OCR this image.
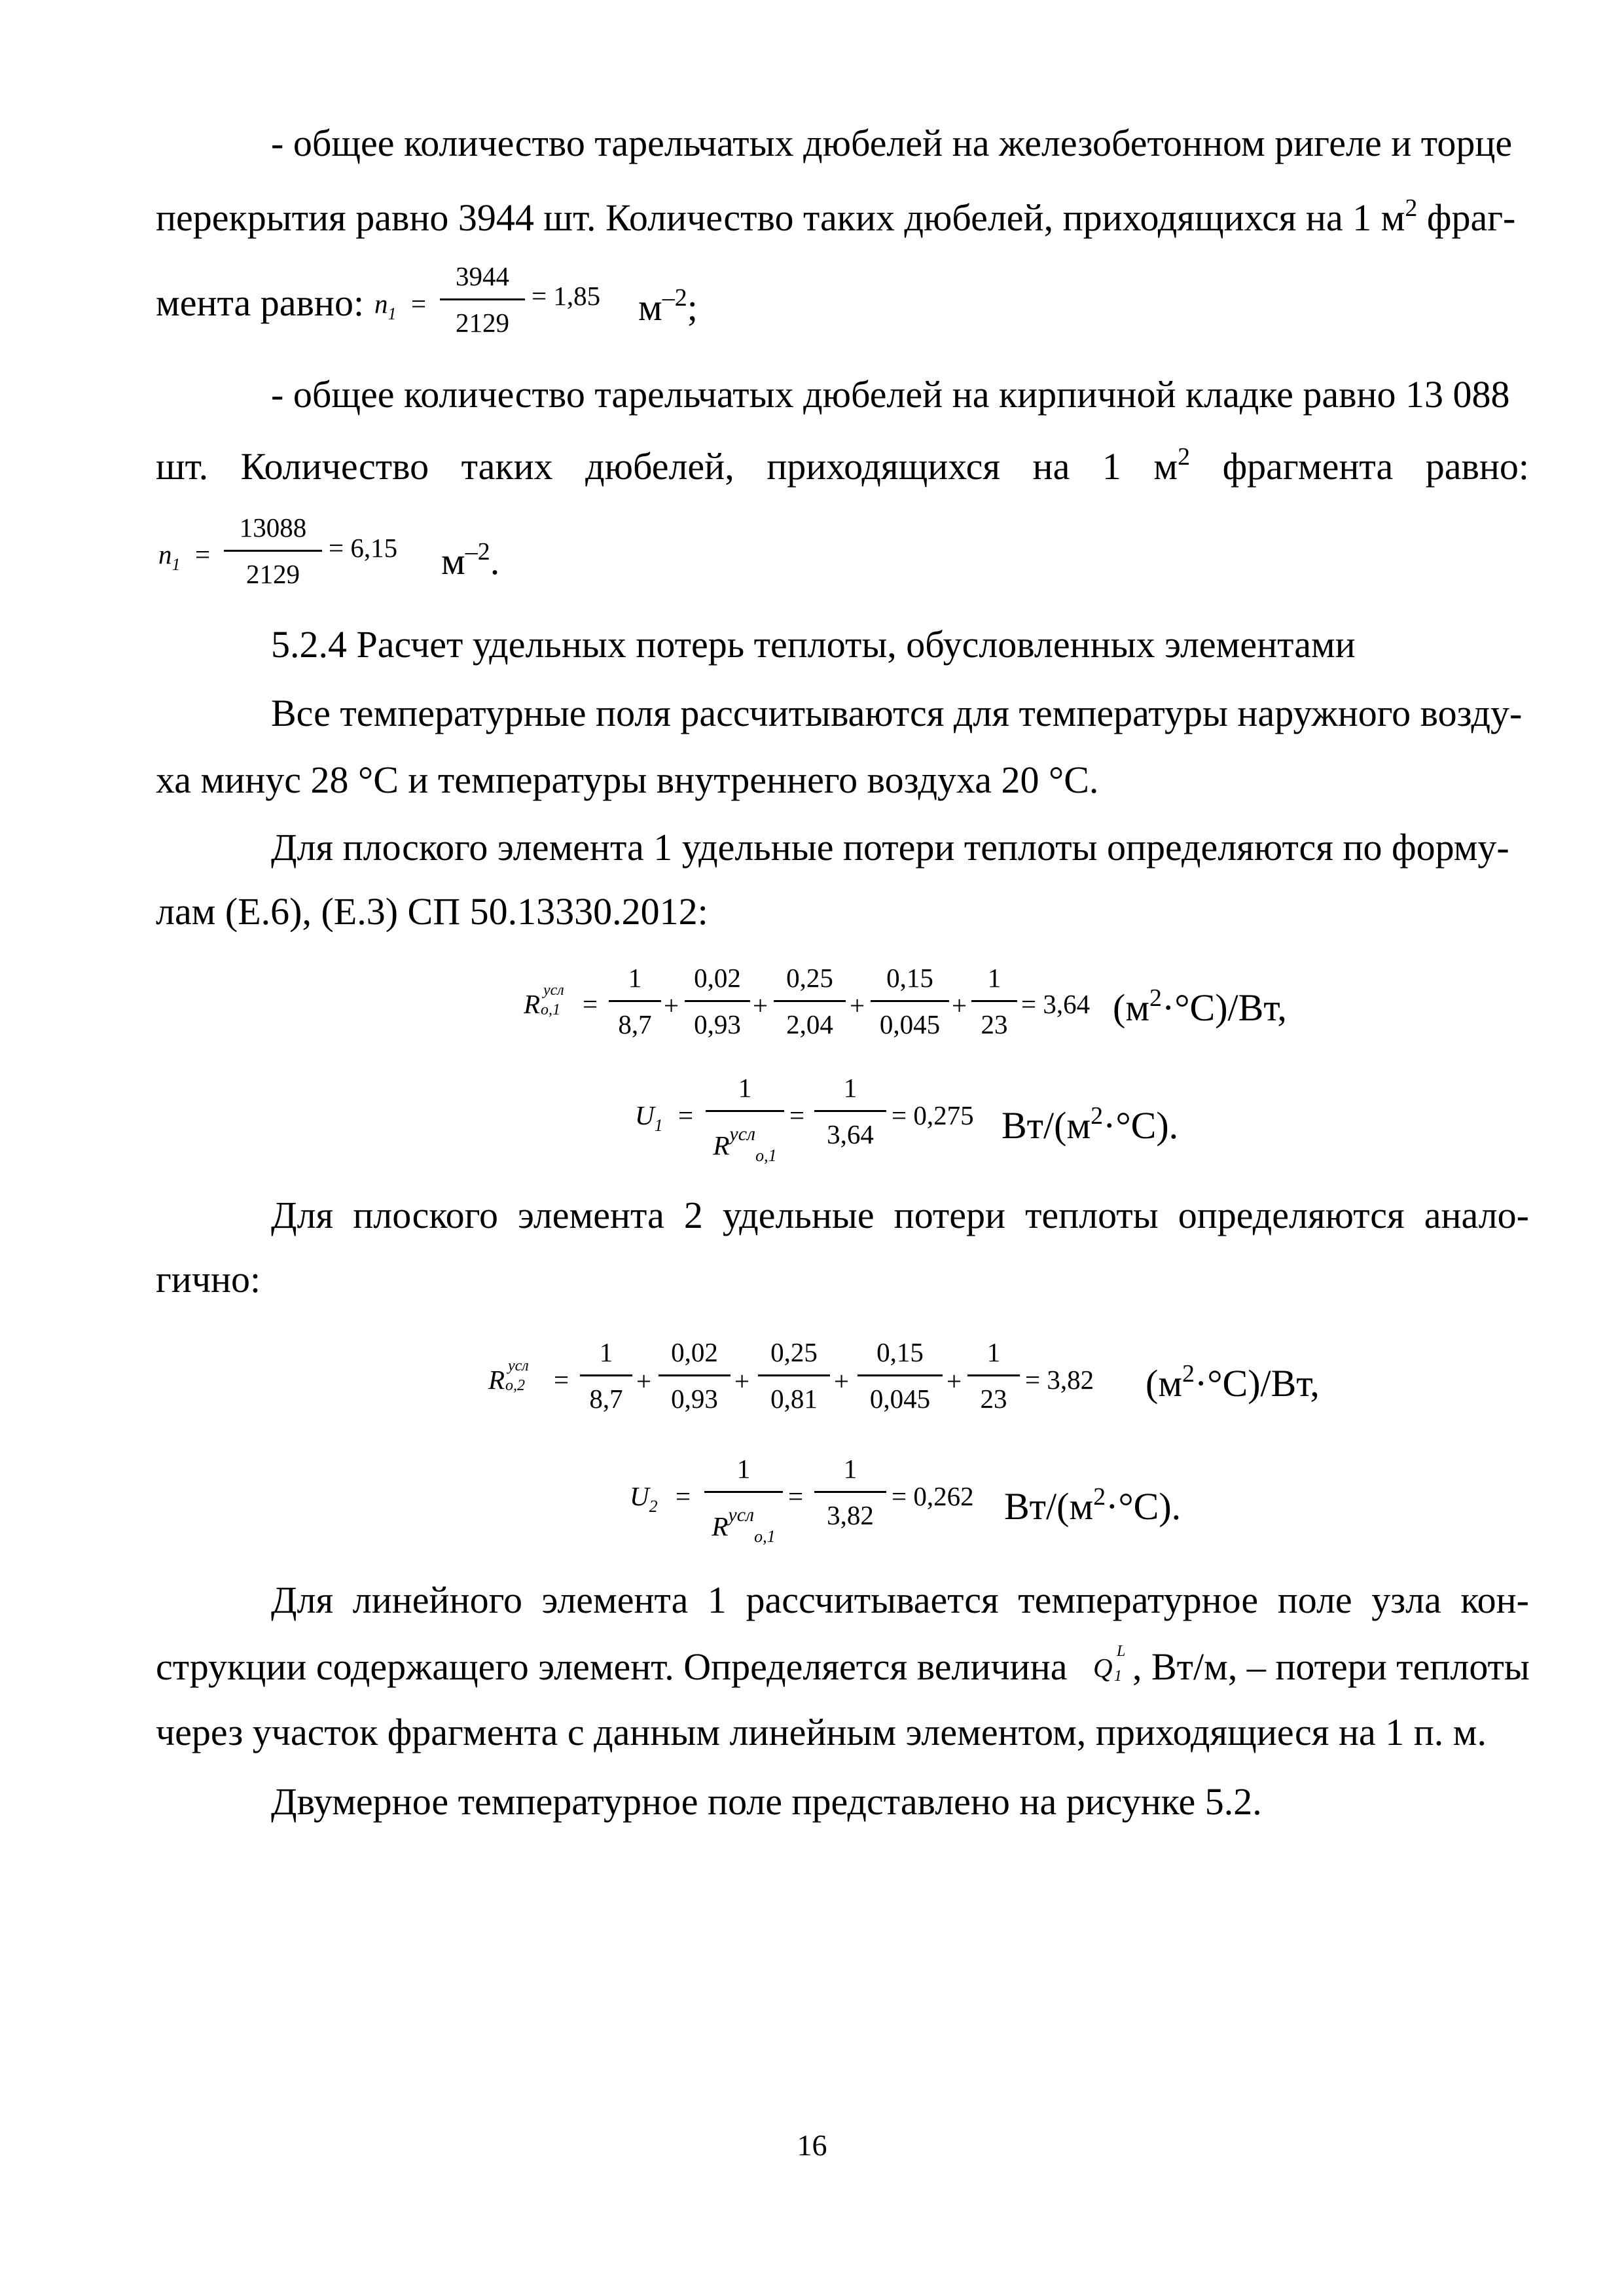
- общее количество тарельчатых дюбелей на железобетонном ригеле и торце
перекрытия равно 3944 шт. Количество таких дюбелей, приходящихся на 1 $м^2$ фраг-
мента равно: $n_1 = \frac{3944}{2129} = 1,85$ $м^{-2}$;
- общее количество тарельчатых дюбелей на кирпичной кладке равно 13 088
шт. Количество таких дюбелей, приходящихся на 1 $м^2$ фрагмента равно:
$n_1 = \frac{13088}{2129} = 6,15$ $м^{-2}$.
5.2.4 Расчет удельных потерь теплоты, обусловленных элементами
Все температурные поля рассчитываются для температуры наружного возду-
ха минус 28 °С и температуры внутреннего воздуха 20 °С.
Для плоского элемента 1 удельные потери теплоты определяются по форму-
лам (Е.6), (Е.3) СП 50.13330.2012:
R усл
$о,1 = \frac{1}{8,7} + \frac{0,02}{0,93} + \frac{0,25}{2,04} + \frac{0,15}{0,045} + \frac{1}{23} = 3,64$ $(м^2\cdot^\circ С)/Вт$,
$U_1$ =
1
$R^{усл}_{о,1}$
= $\frac{1}{3,64} = 0,275$ $Вт/(м^2\cdot^\circ С)$.
Для плоского элемента 2 удельные потери теплоты определяются анало-
гично:
R усл
$о,2 = \frac{1}{8,7} + \frac{0,02}{0,93} + \frac{0,25}{0,81} + \frac{0,15}{0,045} + \frac{1}{23} = 3,82$ $(м^2\cdot^\circ С)/Вт$,
$U_2$ =
1
$R^{усл}_{о,1}$
= $\frac{1}{3,82} = 0,262$ $Вт/(м^2\cdot^\circ С)$.
Для линейного элемента 1 рассчитывается температурное поле узла кон-
струкции содержащего элемент. Определяется величина Q
L
1 , Вт/м, – потери теплоты
через участок фрагмента с данным линейным элементом, приходящиеся на 1 п. м.
Двумерное температурное поле представлено на рисунке 5.2.
16
